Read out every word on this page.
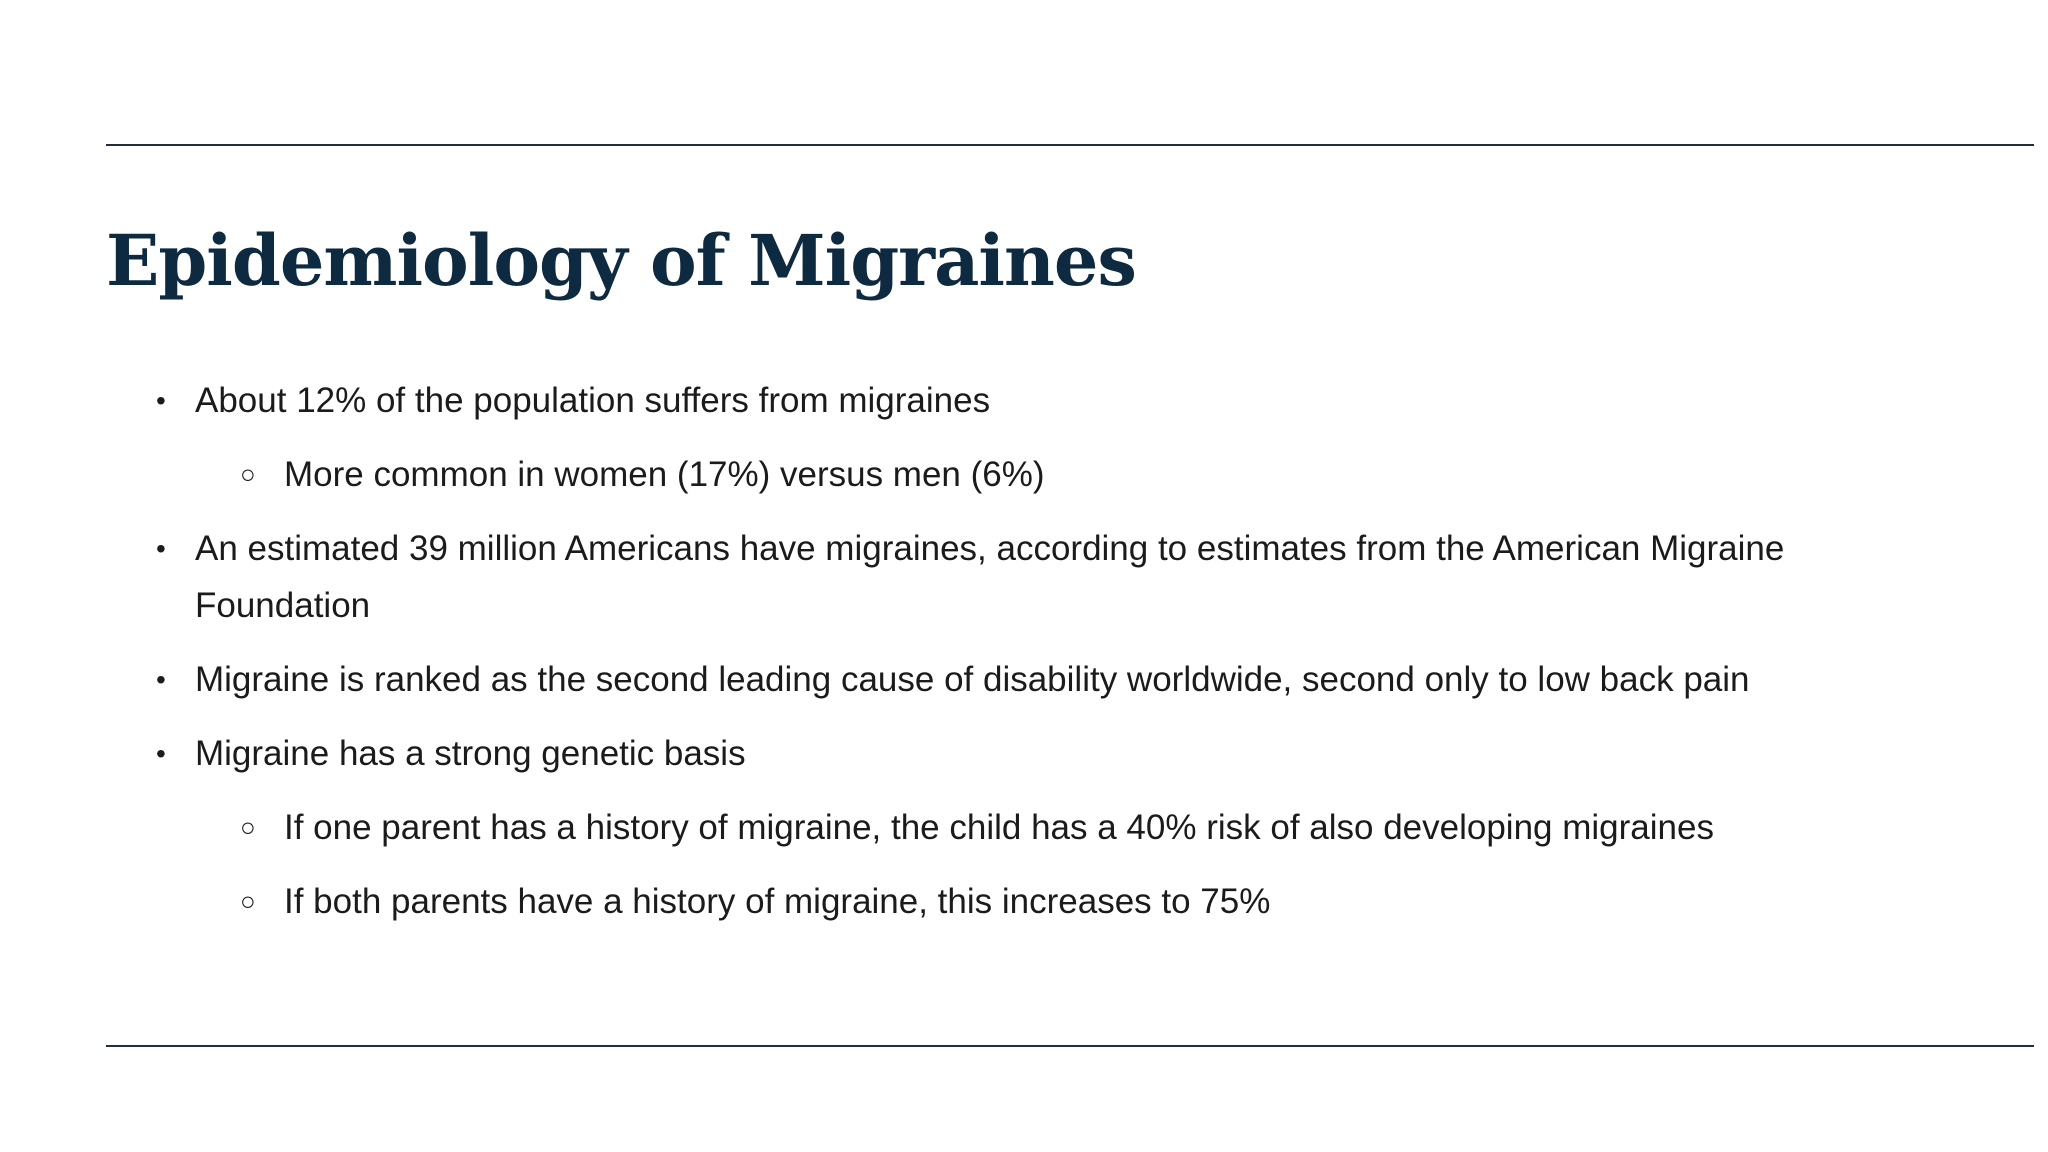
Epidemiology of Migraines
• About 12% of the population suffers from migraines
○ More common in women (17%) versus men (6%)
• An estimated 39 million Americans have migraines, according to estimates from the American Migraine Foundation
• Migraine is ranked as the second leading cause of disability worldwide, second only to low back pain
• Migraine has a strong genetic basis
○ If one parent has a history of migraine, the child has a 40% risk of also developing migraines
○ If both parents have a history of migraine, this increases to 75%
